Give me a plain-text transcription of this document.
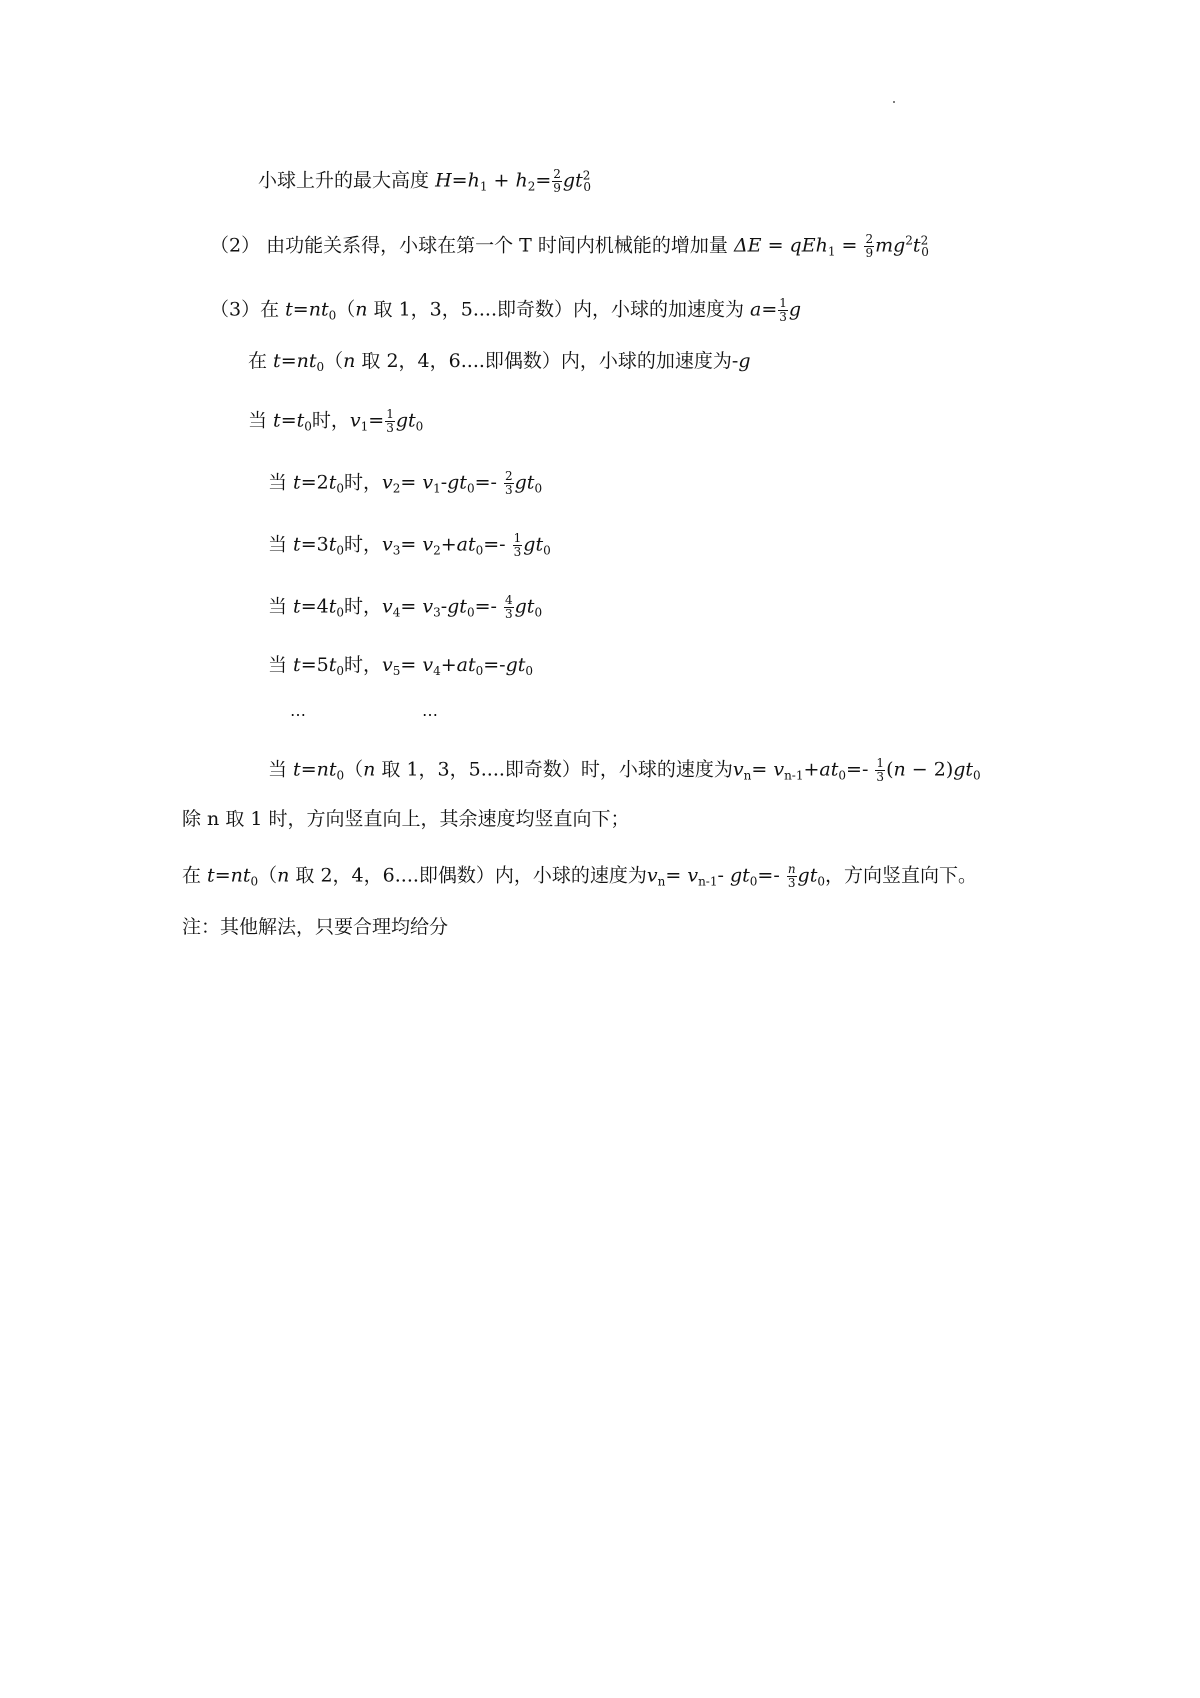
小球上升的最大高度 $H=h_1 + h_2= \frac{2}{9} gt^2_0$
（2） 由功能关系得，小球在第一个 T 时间内机械能的增加量 $\Delta E = qEh_1 = \frac{2}{9} mg^2t^2_0$
（3）在 $t=nt_0(n$ 取 1，3，5....即奇数）内，小球的加速度为 $a= \frac{1}{3}$ g
在 $t=nt_0(n$ 取 2，4，6....即偶数）内，小球的加速度为-g
当 $t=t_0$时，$v_1= \frac{1}{3} gt_0$
当 $t=2t_0$时，$v_2= v_1-gt_0=- \frac{2}{3} gt_0$
当 $t=3t_0$时，$v_3= v_2+at_0=- \frac{1}{3} gt_0$
当 $t=4t_0$时，$v_4= v_3-gt_0=- \frac{4}{3} gt_0$
当 $t=5t_0$时，$v_5= v_4+at_0=-gt_0$
…	…
当 $t=nt_0(n$ 取 1，3，5....即奇数）时，小球的速度为$v_n= v_{n-1}+at_0=- \frac{1}{3} (n - 2)gt_0$
除 n 取 1 时，方向竖直向上，其余速度均竖直向下；
在 $t=nt_0(n$ 取 2，4，6....即偶数）内，小球的速度为$v_n= v_{n-1}-$ $gt_0=- \frac{n}{3} gt_0$，方向竖直向下。
注：其他解法，只要合理均给分
